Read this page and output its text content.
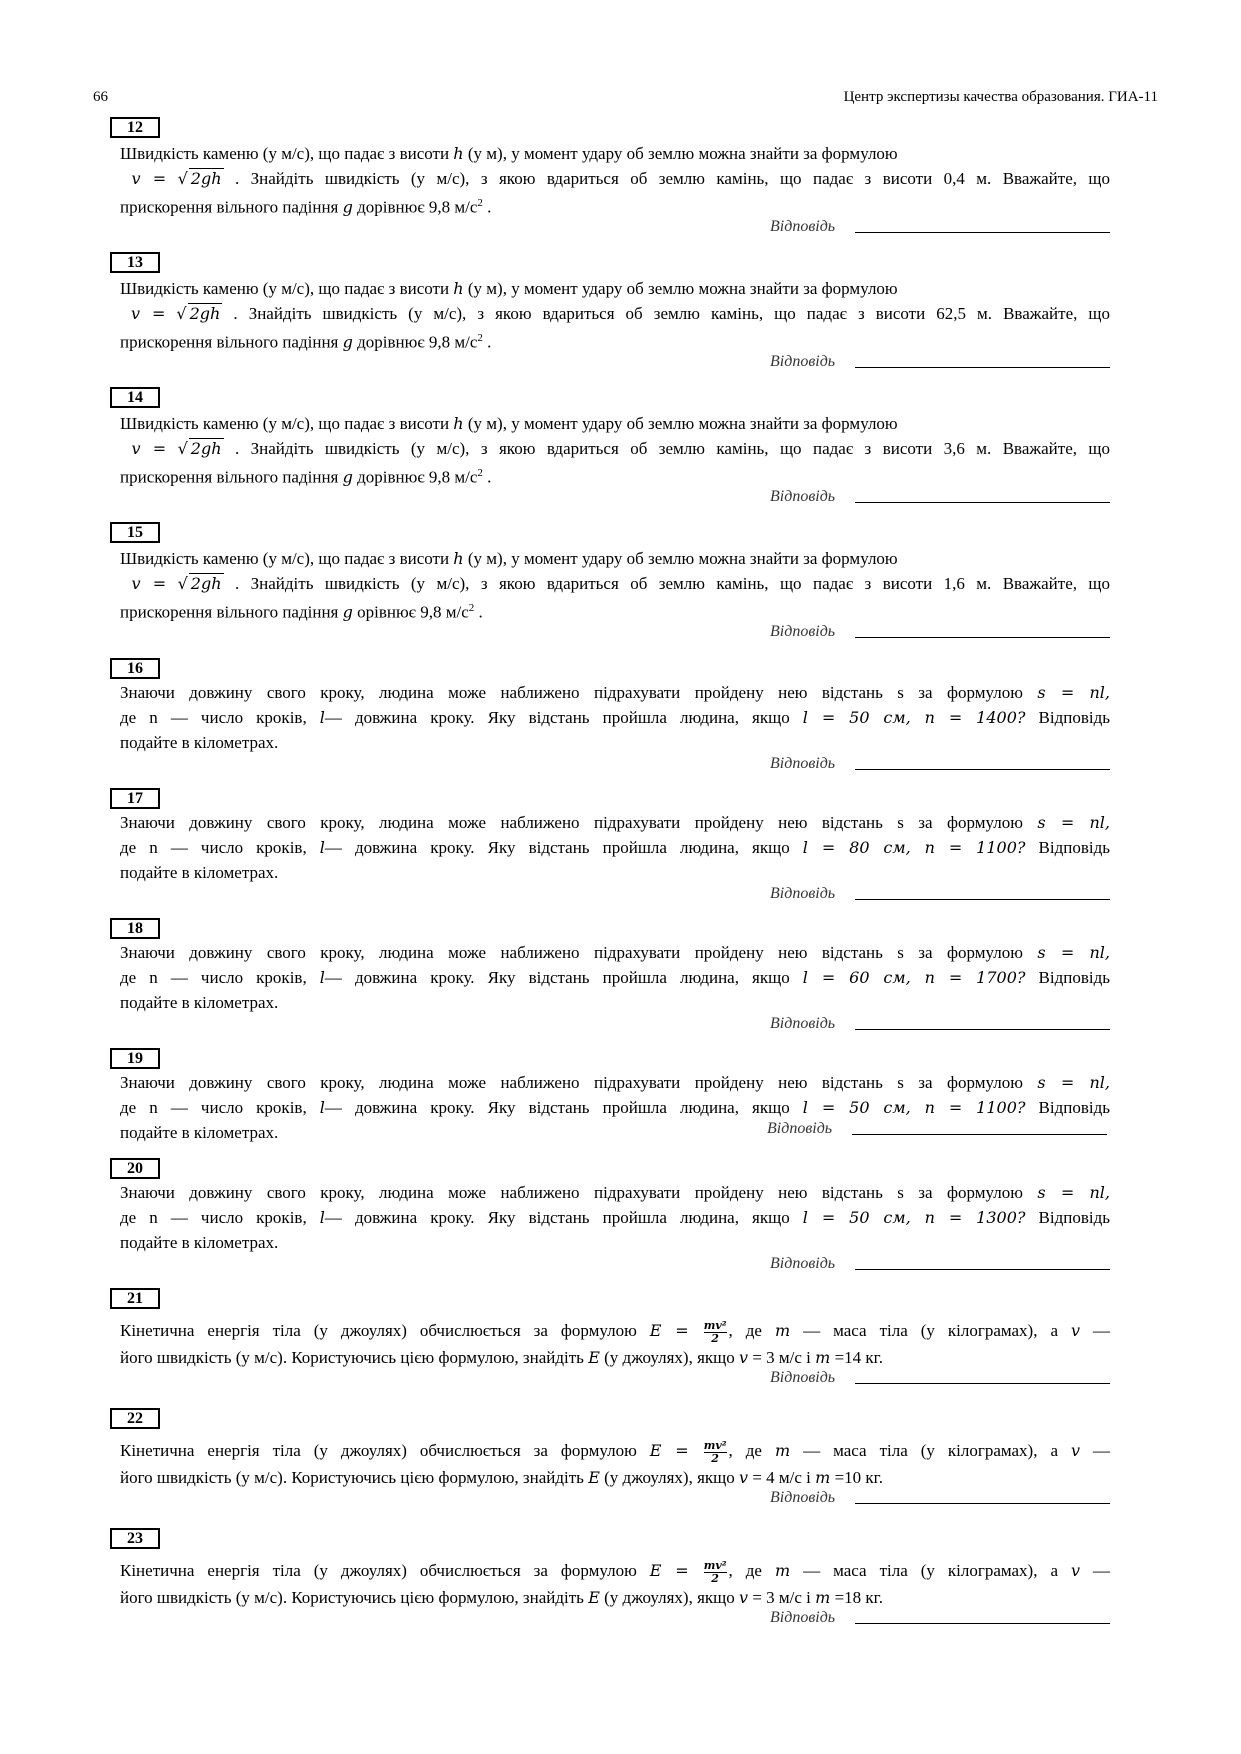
66	Центр экспертизы качества образования. ГИА-11
12
Швидкість каменю (у м/с), що падає з висоти h (у м), у момент удару об землю можна знайти за формулою
v = √ 2gh . Знайдіть швидкість (у м/с), з якою вдариться об землю камінь, що падає з висоти 0,4 м. Вважайте, що
прискорення вільного падіння g дорівнює 9,8 $м/с^2$ .
Відповідь
13
Швидкість каменю (у м/с), що падає з висоти h (у м), у момент удару об землю можна знайти за формулою
v = √ 2gh . Знайдіть швидкість (у м/с), з якою вдариться об землю камінь, що падає з висоти 62,5 м. Вважайте, що
прискорення вільного падіння g дорівнює 9,8 $м/с^2$ .
Відповідь
14
Швидкість каменю (у м/с), що падає з висоти h (у м), у момент удару об землю можна знайти за формулою
v = √ 2gh . Знайдіть швидкість (у м/с), з якою вдариться об землю камінь, що падає з висоти 3,6 м. Вважайте, що
прискорення вільного падіння g дорівнює 9,8 $м/с^2$ .
Відповідь
15
Швидкість каменю (у м/с), що падає з висоти h (у м), у момент удару об землю можна знайти за формулою
v = √ 2gh . Знайдіть швидкість (у м/с), з якою вдариться об землю камінь, що падає з висоти 1,6 м. Вважайте, що
прискорення вільного падіння g орівнює 9,8 $м/с^2$ .
Відповідь
16
Знаючи довжину свого кроку, людина може наближено підрахувати пройдену нею відстань s за формулою s = nl,
де n — число кроків, l— довжина кроку. Яку відстань пройшла людина, якщо l = 50 см, n = 1400? Відповідь
подайте в кілометрах.
Відповідь
17
Знаючи довжину свого кроку, людина може наближено підрахувати пройдену нею відстань s за формулою s = nl,
де n — число кроків, l— довжина кроку. Яку відстань пройшла людина, якщо l = 80 см, n = 1100? Відповідь
подайте в кілометрах.
Відповідь
18
Знаючи довжину свого кроку, людина може наближено підрахувати пройдену нею відстань s за формулою s = nl,
де n — число кроків, l— довжина кроку. Яку відстань пройшла людина, якщо l = 60 см, n = 1700? Відповідь
подайте в кілометрах.
Відповідь
19
Знаючи довжину свого кроку, людина може наближено підрахувати пройдену нею відстань s за формулою s = nl,
де n — число кроків, l— довжина кроку. Яку відстань пройшла людина, якщо l = 50 см, n = 1100? Відповідь
подайте в кілометрах.	Відповідь
20
Знаючи довжину свого кроку, людина може наближено підрахувати пройдену нею відстань s за формулою s = nl,
де n — число кроків, l— довжина кроку. Яку відстань пройшла людина, якщо l = 50 см, n = 1300? Відповідь
подайте в кілометрах.
Відповідь
21
Кінетична енергія тіла (у джоулях) обчислюється за формулою $E = \frac{\text{mv²}}{2}$ , де m — маса тіла (у кілограмах), а v —
його швидкість (у м/с). Користуючись цією формулою, знайдіть E (у джоулях), якщо v = 3 м/с і m =14 кг.
Відповідь
22
Кінетична енергія тіла (у джоулях) обчислюється за формулою $E = \frac{\text{mv²}}{2}$ , де m — маса тіла (у кілограмах), а v —
його швидкість (у м/с). Користуючись цією формулою, знайдіть E (у джоулях), якщо v = 4 м/с і m =10 кг.
Відповідь
23
Кінетична енергія тіла (у джоулях) обчислюється за формулою $E = \frac{\text{mv²}}{2}$ , де m — маса тіла (у кілограмах), а v —
його швидкість (у м/с). Користуючись цією формулою, знайдіть E (у джоулях), якщо v = 3 м/с і m =18 кг.
Відповідь
